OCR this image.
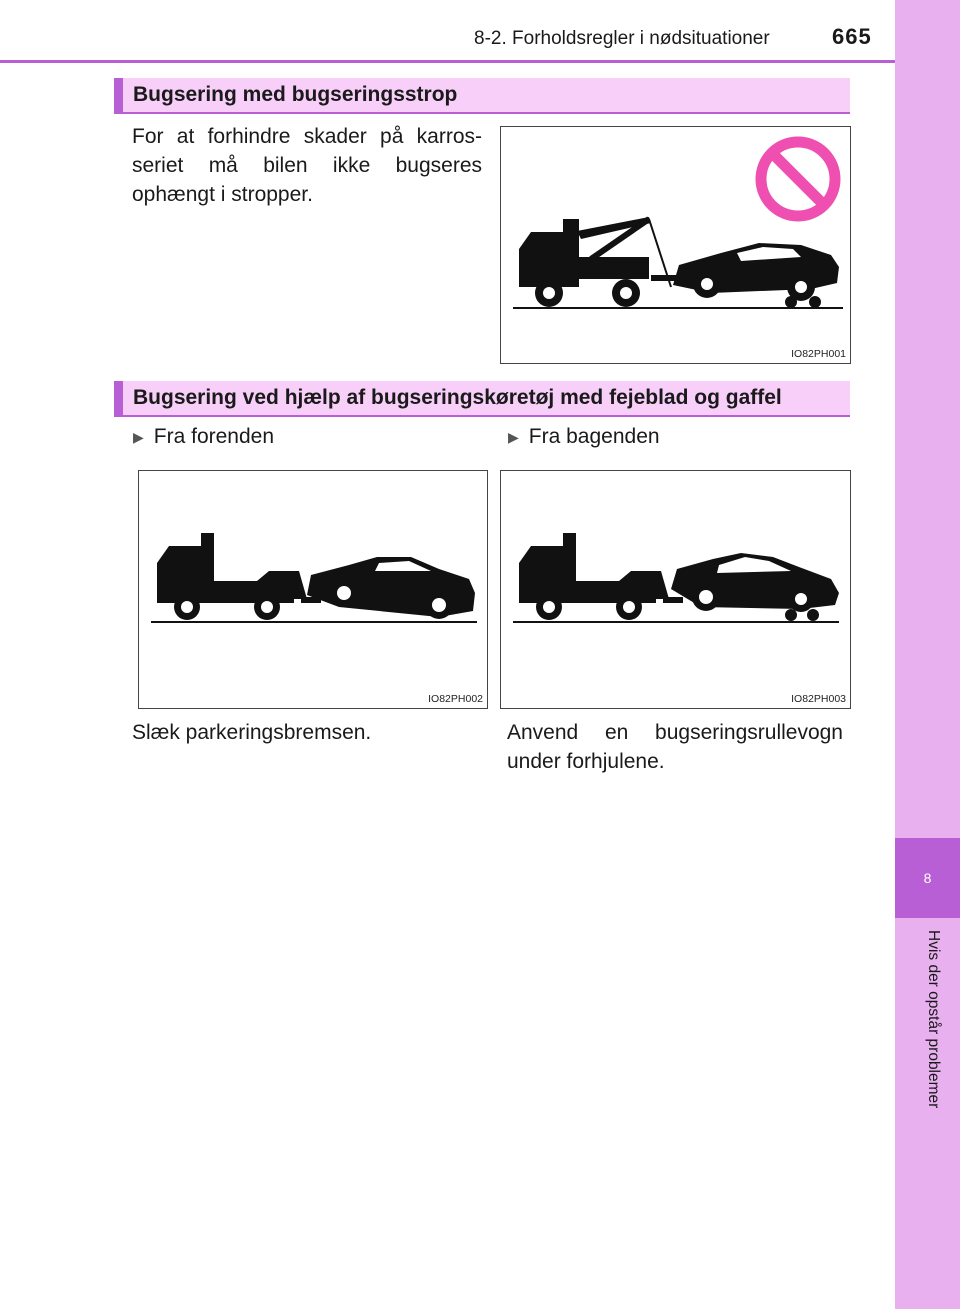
8
Hvis der opstår problemer
8-2. Forholdsregler i nødsituationer	665
Bugsering med bugseringsstrop
For at forhindre skader på karros-seriet må bilen ikke bugseres ophængt i stropper.
IO82PH001
Bugsering ved hjælp af bugseringskøretøj med fejeblad og gaffel
▶ Fra forenden	▶ Fra bagenden
IO82PH002	IO82PH003
Slæk parkeringsbremsen.	Anvend en bugseringsrullevogn under forhjulene.
